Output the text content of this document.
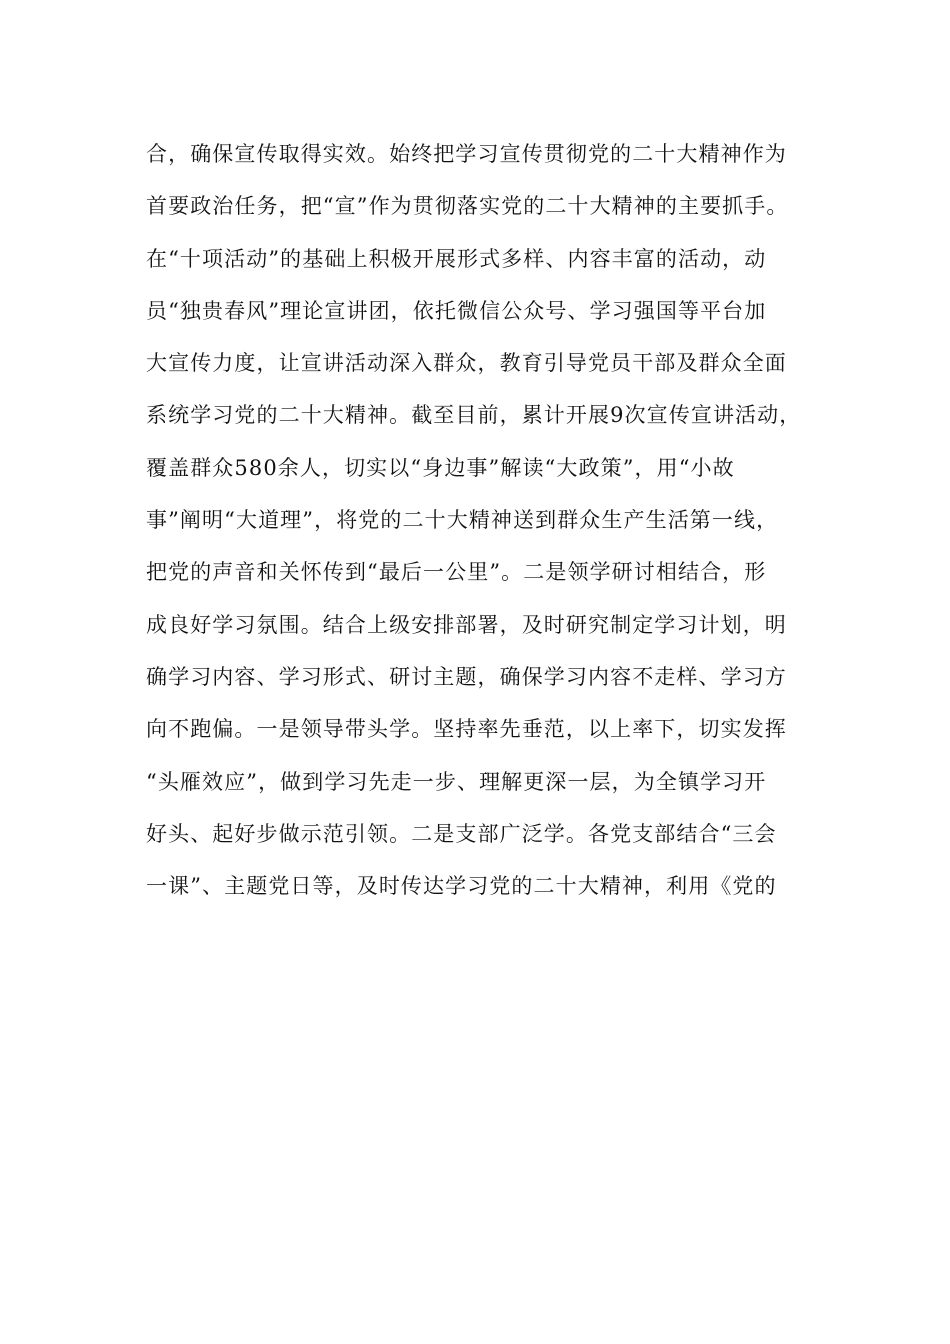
合，确保宣传取得实效。始终把学习宣传贯彻党的二十大精神作为
首要政治任务，把“宣”作为贯彻落实党的二十大精神的主要抓手。
在“十项活动”的基础上积极开展形式多样、内容丰富的活动，动
员“独贵春风”理论宣讲团，依托微信公众号、学习强国等平台加
大宣传力度，让宣讲活动深入群众，教育引导党员干部及群众全面
系统学习党的二十大精神。截至目前，累计开展9次宣传宣讲活动，
覆盖群众580余人，切实以“身边事”解读“大政策”，用“小故
事”阐明“大道理”，将党的二十大精神送到群众生产生活第一线，
把党的声音和关怀传到“最后一公里”。二是领学研讨相结合，形
成良好学习氛围。结合上级安排部署，及时研究制定学习计划，明
确学习内容、学习形式、研讨主题，确保学习内容不走样、学习方
向不跑偏。一是领导带头学。坚持率先垂范，以上率下，切实发挥
“头雁效应”，做到学习先走一步、理解更深一层，为全镇学习开
好头、起好步做示范引领。二是支部广泛学。各党支部结合“三会
一课”、主题党日等，及时传达学习党的二十大精神，利用《党的
